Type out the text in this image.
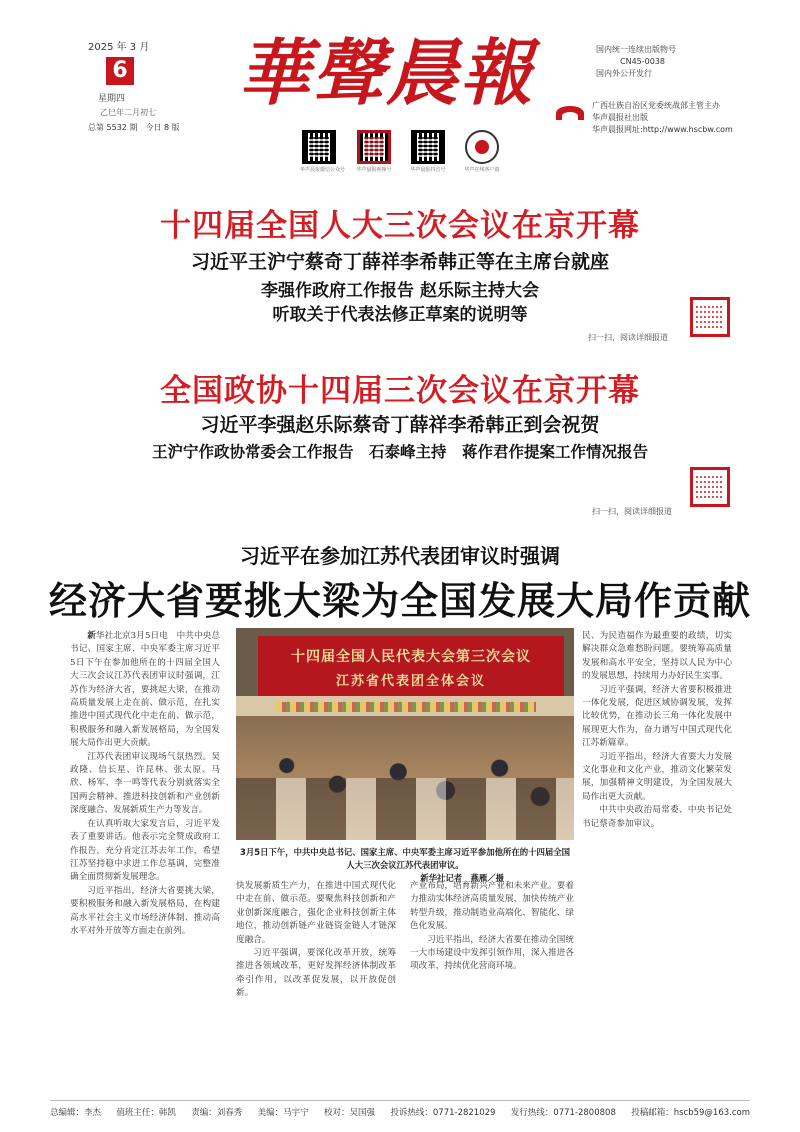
2025 年 3 月
6
星期四
乙巳年二月初七
总第 5532 期　今日 8 版
華聲晨報
华声晨报微信公众号 华声晨报视频号	华声晨报抖音号	华声在线客户端
国内统一连续出版物号
CN45-0038
国内外公开发行
广西壮族自治区党委统战部主管主办
华声晨报社出版
华声晨报网址:http://www.hscbw.com
十四届全国人大三次会议在京开幕
习近平王沪宁蔡奇丁薛祥李希韩正等在主席台就座
李强作政府工作报告 赵乐际主持大会
听取关于代表法修正草案的说明等
扫一扫，阅读详细报道
全国政协十四届三次会议在京开幕
习近平李强赵乐际蔡奇丁薛祥李希韩正到会祝贺
王沪宁作政协常委会工作报告　石泰峰主持　蒋作君作提案工作情况报告
扫一扫，阅读详细报道
习近平在参加江苏代表团审议时强调
经济大省要挑大梁为全国发展大局作贡献

新华社北京3月5日电　中共中央总书记、国家主席、中央军委主席习近平5日下午在参加他所在的十四届全国人大三次会议江苏代表团审议时强调，江苏作为经济大省，要挑起大梁，在推动高质量发展上走在前、做示范，在扎实推进中国式现代化中走在前、做示范，积极服务和融入新发展格局，为全国发展大局作出更大贡献。

江苏代表团审议现场气氛热烈。吴政隆、信长星、许昆林、张太原、马欣、杨军、李一鸣等代表分别就落实全国两会精神、推进科技创新和产业创新深度融合、发展新质生产力等发言。

在认真听取大家发言后，习近平发表了重要讲话。他表示完全赞成政府工作报告，充分肯定江苏去年工作，希望江苏坚持稳中求进工作总基调，完整准确全面贯彻新发展理念。

习近平指出，经济大省要挑大梁，要积极服务和融入新发展格局，在构建高水平社会主义市场经济体制、推动高水平对外开放等方面走在前列。

十四届全国人民代表大会第三次会议
江苏省代表团全体会议
3月5日下午，中共中央总书记、国家主席、中央军委主席习近平参加他所在的十四届全国人大三次会议江苏代表团审议。
新华社记者　燕雁／摄

快发展新质生产力，在推进中国式现代化中走在前、做示范。要聚焦科技创新和产业创新深度融合，强化企业科技创新主体地位，推动创新链产业链资金链人才链深度融合。

习近平强调，要深化改革开放，统筹推进各领域改革，更好发挥经济体制改革牵引作用，以改革促发展，以开放促创新。

产业布局，培育新兴产业和未来产业。要着力推动实体经济高质量发展，加快传统产业转型升级，推动制造业高端化、智能化、绿色化发展。

习近平指出，经济大省要在推动全国统一大市场建设中发挥引领作用，深入推进各项改革，持续优化营商环境。

民、为民造福作为最重要的政绩，切实解决群众急难愁盼问题。要统筹高质量发展和高水平安全，坚持以人民为中心的发展思想，持续用力办好民生实事。

习近平强调，经济大省要积极推进一体化发展，促进区域协调发展，发挥比较优势，在推动长三角一体化发展中展现更大作为，奋力谱写中国式现代化江苏新篇章。

习近平指出，经济大省要大力发展文化事业和文化产业，推动文化繁荣发展，加强精神文明建设，为全国发展大局作出更大贡献。

中共中央政治局常委、中央书记处书记蔡奇参加审议。

总编辑：李杰 值班主任：韩凯 责编：刘春秀 美编：马宇宁 校对：吴国强 投诉热线：0771-2821029 发行热线：0771-2800808 投稿邮箱：hscb59@163.com
